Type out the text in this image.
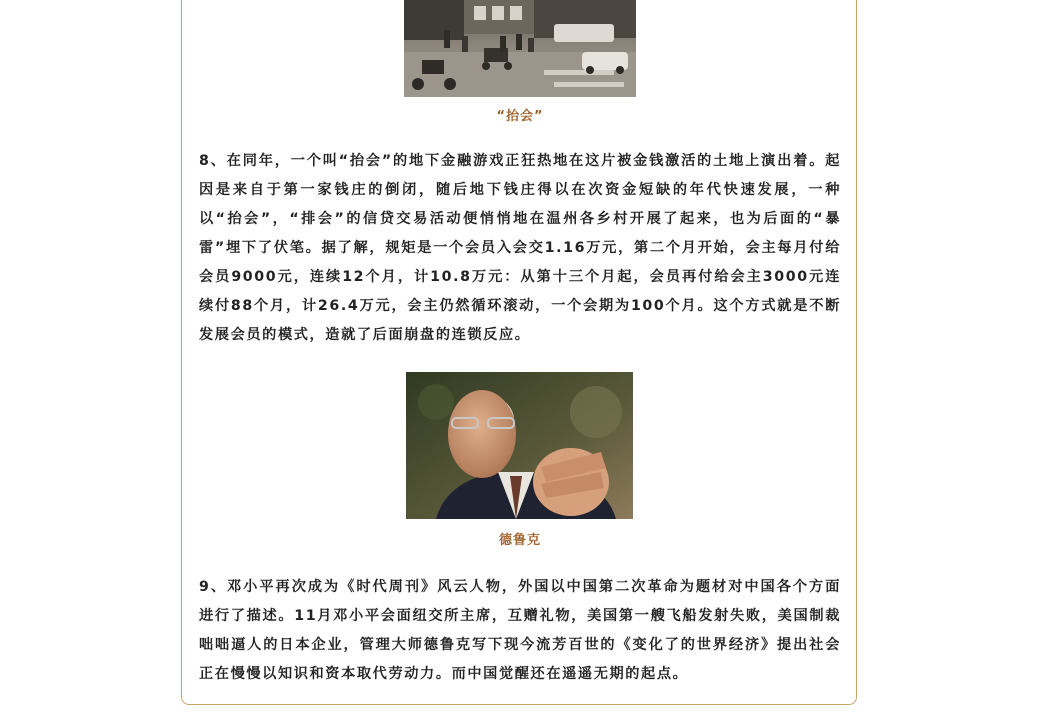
“抬会”

8、在同年，一个叫“抬会”的地下金融游戏正狂热地在这片被金钱激活的土地上演出着。起因是来自于第一家钱庄的倒闭，随后地下钱庄得以在次资金短缺的年代快速发展，一种以“抬会”，“排会”的信贷交易活动便悄悄地在温州各乡村开展了起来，也为后面的“暴雷”埋下了伏笔。据了解，规矩是一个会员入会交1.16万元，第二个月开始，会主每月付给会员9000元，连续12个月，计10.8万元：从第十三个月起，会员再付给会主3000元连续付88个月，计26.4万元，会主仍然循环滚动，一个会期为100个月。这个方式就是不断发展会员的模式，造就了后面崩盘的连锁反应。

德鲁克

9、邓小平再次成为《时代周刊》风云人物，外国以中国第二次革命为题材对中国各个方面进行了描述。11月邓小平会面纽交所主席，互赠礼物，美国第一艘飞船发射失败，美国制裁咄咄逼人的日本企业，管理大师德鲁克写下现今流芳百世的《变化了的世界经济》提出社会正在慢慢以知识和资本取代劳动力。而中国觉醒还在遥遥无期的起点。
